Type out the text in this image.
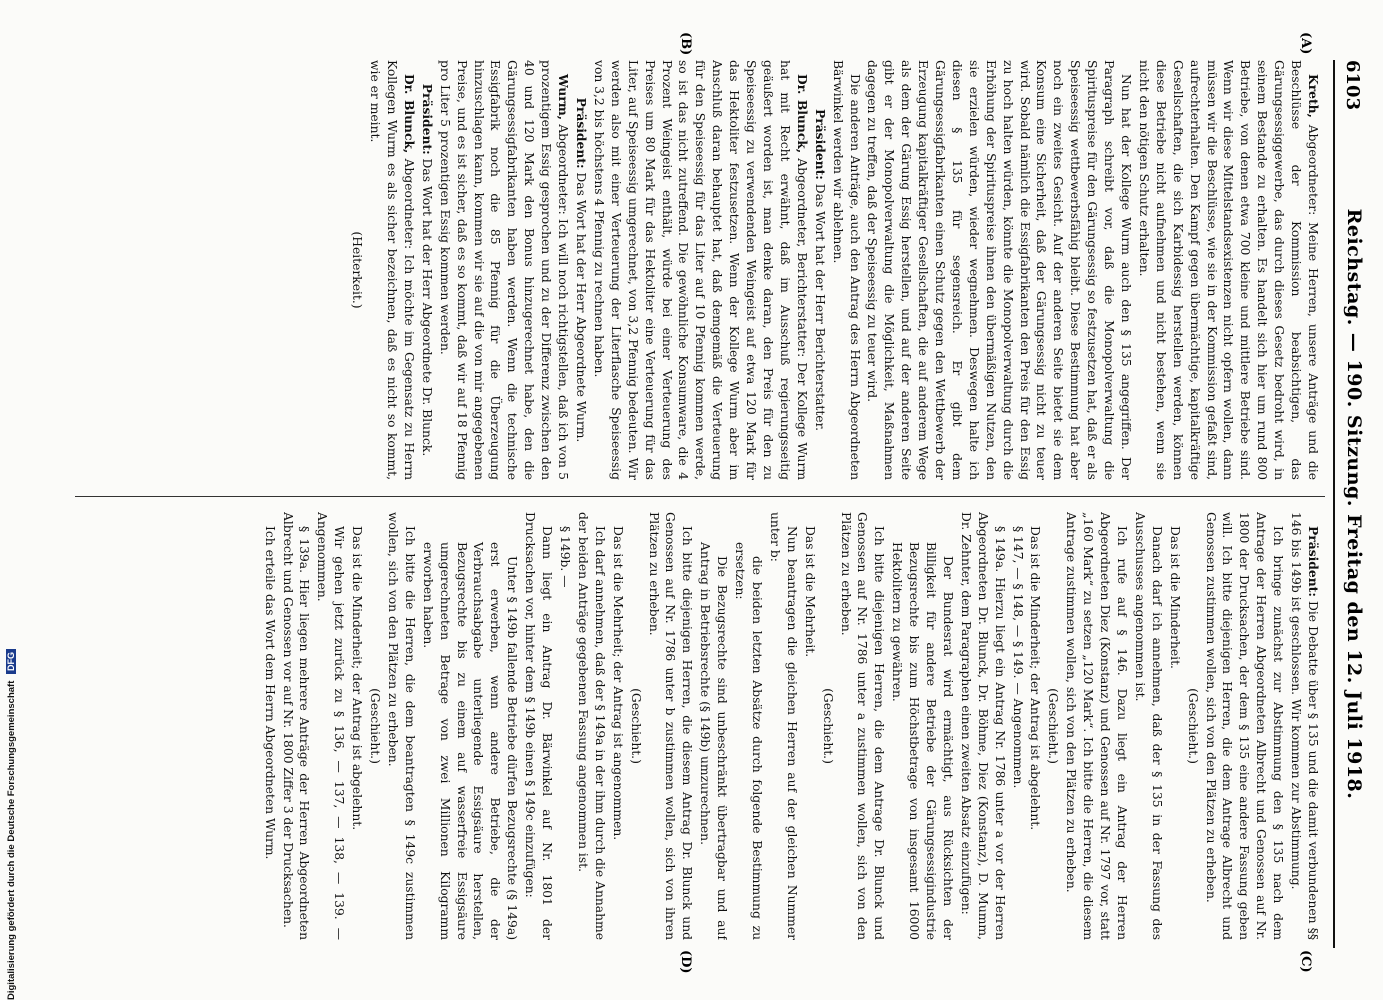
6103
Reichstag. — 190. Sitzung. Freitag den 12. Juli 1918.
(A)
(B)
(C)
(D)

Kreth, Abgeordneter: Meine Herren, unsere Anträge und die Beschlüsse der Kommission beabsichtigen, das Gärungsessiggewerbe, das durch dieses Gesetz bedroht wird, in seinem Bestande zu erhalten. Es handelt sich hier um rund 800 Betriebe, von denen etwa 700 kleine und mittlere Betriebe sind. Wenn wir diese Mittelstandsexistenzen nicht opfern wollen, dann müssen wir die Beschlüsse, wie sie in der Kommission gefaßt sind, aufrechterhalten. Den Kampf gegen übermächtige, kapitalkräftige Gesellschaften, die sich Karbidessig herstellen werden, können diese Betriebe nicht aufnehmen und nicht bestehen, wenn sie nicht den nötigen Schutz erhalten.

Nun hat der Kollege Wurm auch den § 135 angegriffen. Der Paragraph schreibt vor, daß die Monopolverwaltung die Spirituspreise für den Gärungsessig so festzusetzen hat, daß er als Speiseessig wettbewerbsfähig bleibt. Diese Bestimmung hat aber noch ein zweites Gesicht. Auf der anderen Seite bietet sie dem Konsum eine Sicherheit, daß der Gärungsessig nicht zu teuer wird. Sobald nämlich die Essigfabrikanten den Preis für den Essig zu hoch halten würden, könnte die Monopolverwaltung durch die Erhöhung der Spirituspreise ihnen den übermäßigen Nutzen, den sie erzielen würden, wieder wegnehmen. Deswegen halte ich diesen § 135 für segensreich. Er gibt dem Gärungsessigfabrikanten einen Schutz gegen den Wettbewerb der Erzeugung kapitalkräftiger Gesellschaften, die auf anderem Wege als dem der Gärung Essig herstellen, und auf der anderen Seite gibt er der Monopolverwaltung die Möglichkeit, Maßnahmen dagegen zu treffen, daß der Speiseessig zu teuer wird.

Die anderen Anträge, auch den Antrag des Herrn Abgeordneten Bärwinkel werden wir ablehnen.

Präsident: Das Wort hat der Herr Berichterstatter.

Dr. Blunck, Abgeordneter, Berichterstatter: Der Kollege Wurm hat mit Recht erwähnt, daß im Ausschuß regierungsseitig geäußert worden ist, man denke daran, den Preis für den zu Speiseessig zu verwendenden Weingeist auf etwa 120 Mark für das Hektoliter festzusetzen. Wenn der Kollege Wurm aber im Anschluß daran behauptet hat, daß demgemäß die Verteuerung für den Speiseessig für das Liter auf 10 Pfennig kommen werde, so ist das nicht zutreffend. Die gewöhnliche Konsumware, die 4 Prozent Weingeist enthält, würde bei einer Verteuerung des Preises um 80 Mark für das Hektoliter eine Verteuerung für das Liter, auf Speiseessig umgerechnet, von 3,2 Pfennig bedeuten. Wir werden also mit einer Verteuerung der Literflasche Speiseessig von 3,2 bis höchstens 4 Pfennig zu rechnen haben.

Präsident: Das Wort hat der Herr Abgeordnete Wurm.

Wurm, Abgeordneter: Ich will noch richtigstellen, daß ich von 5 prozentigem Essig gesprochen und zu der Differenz zwischen den 40 und 120 Mark den Bonus hinzugerechnet habe, den die Gärungsessigfabrikanten haben werden. Wenn die technische Essigfabrik noch die 85 Pfennig für die Überzeugung hinzuschlagen kann, kommen wir sie auf die von mir angegebenen Preise, und es ist sicher, daß es so kommt, daß wir auf 18 Pfennig pro Liter 5 prozentigen Essig kommen werden.

Präsident: Das Wort hat der Herr Abgeordnete Dr. Blunck.

Dr. Blunck, Abgeordneter: Ich möchte im Gegensatz zu Herrn Kollegen Wurm es als sicher bezeichnen, daß es nicht so kommt, wie er meint.

(Heiterkeit.)

Präsident: Die Debatte über § 135 und die damit verbundenen §§ 146 bis 149b ist geschlossen. Wir kommen zur Abstimmung.

Ich bringe zunächst zur Abstimmung den § 135 nach dem Antrage der Herren Abgeordneten Albrecht und Genossen auf Nr. 1800 der Drucksachen, der dem § 135 eine andere Fassung geben will. Ich bitte diejenigen Herren, die dem Antrage Albrecht und Genossen zustimmen wollen, sich von den Plätzen zu erheben.

(Geschieht.)

Das ist die Minderheit.

Danach darf ich annehmen, daß der § 135 in der Fassung des Ausschusses angenommen ist.

Ich rufe auf § 146. Dazu liegt ein Antrag der Herren Abgeordneten Diez (Konstanz) und Genossen auf Nr. 1797 vor, statt „160 Mark“ zu setzen „120 Mark“. Ich bitte die Herren, die diesem Antrage zustimmen wollen, sich von den Plätzen zu erheben.

(Geschieht.)

Das ist die Minderheit; der Antrag ist abgelehnt.

§ 147, — § 148, — § 149. — Angenommen.

§ 149a. Hierzu liegt ein Antrag Nr. 1786 unter a vor der Herren Abgeordneten Dr. Blunck, Dr. Böhme, Diez (Konstanz), D. Mumm, Dr. Zehnter, dem Paragraphen einen zweiten Absatz einzufügen:

Der Bundesrat wird ermächtigt, aus Rücksichten der Billigkeit für andere Betriebe der Gärungsessigindustrie Bezugsrechte bis zum Höchstbetrage von insgesamt 16000 Hektolitern zu gewähren.

Ich bitte diejenigen Herren, die dem Antrage Dr. Blunck und Genossen auf Nr. 1786 unter a zustimmen wollen, sich von den Plätzen zu erheben.

(Geschieht.)

Das ist die Mehrheit.

Nun beantragen die gleichen Herren auf der gleichen Nummer unter b:

die beiden letzten Absätze durch folgende Bestimmung zu ersetzen:

Die Bezugsrechte sind unbeschränkt übertragbar und auf Antrag in Betriebsrechte (§ 149b) umzurechnen.

Ich bitte diejenigen Herren, die diesem Antrag Dr. Blunck und Genossen auf Nr. 1786 unter b zustimmen wollen, sich von ihren Plätzen zu erheben.

(Geschieht.)

Das ist die Mehrheit; der Antrag ist angenommen.

Ich darf annehmen, daß der § 149a in der ihm durch die Annahme der beiden Anträge gegebenen Fassung angenommen ist.

§ 149b. —

Dann liegt ein Antrag Dr. Bärwinkel auf Nr. 1801 der Drucksachen vor, hinter dem § 149b einen § 149c einzufügen:

Unter § 149b fallende Betriebe dürfen Bezugsrechte (§ 149a) erst erwerben, wenn andere Betriebe, die der Verbrauchsabgabe unterliegende Essigsäure herstellen, Bezugsrechte bis zu einem auf wasserfreie Essigsäure umgerechneten Betrage von zwei Millionen Kilogramm erworben haben.

Ich bitte die Herren, die dem beantragten § 149c zustimmen wollen, sich von den Plätzen zu erheben.

(Geschieht.)

Das ist die Minderheit; der Antrag ist abgelehnt.

Wir gehen jetzt zurück zu § 136, — 137, — 138, — 139. — Angenommen.

§ 139a. Hier liegen mehrere Anträge der Herren Abgeordneten Albrecht und Genossen vor auf Nr. 1800 Ziffer 3 der Drucksachen.

Ich erteile das Wort dem Herrn Abgeordneten Wurm.

Digitalisierung gefördert durch die Deutsche Forschungsgemeinschaft DFG
